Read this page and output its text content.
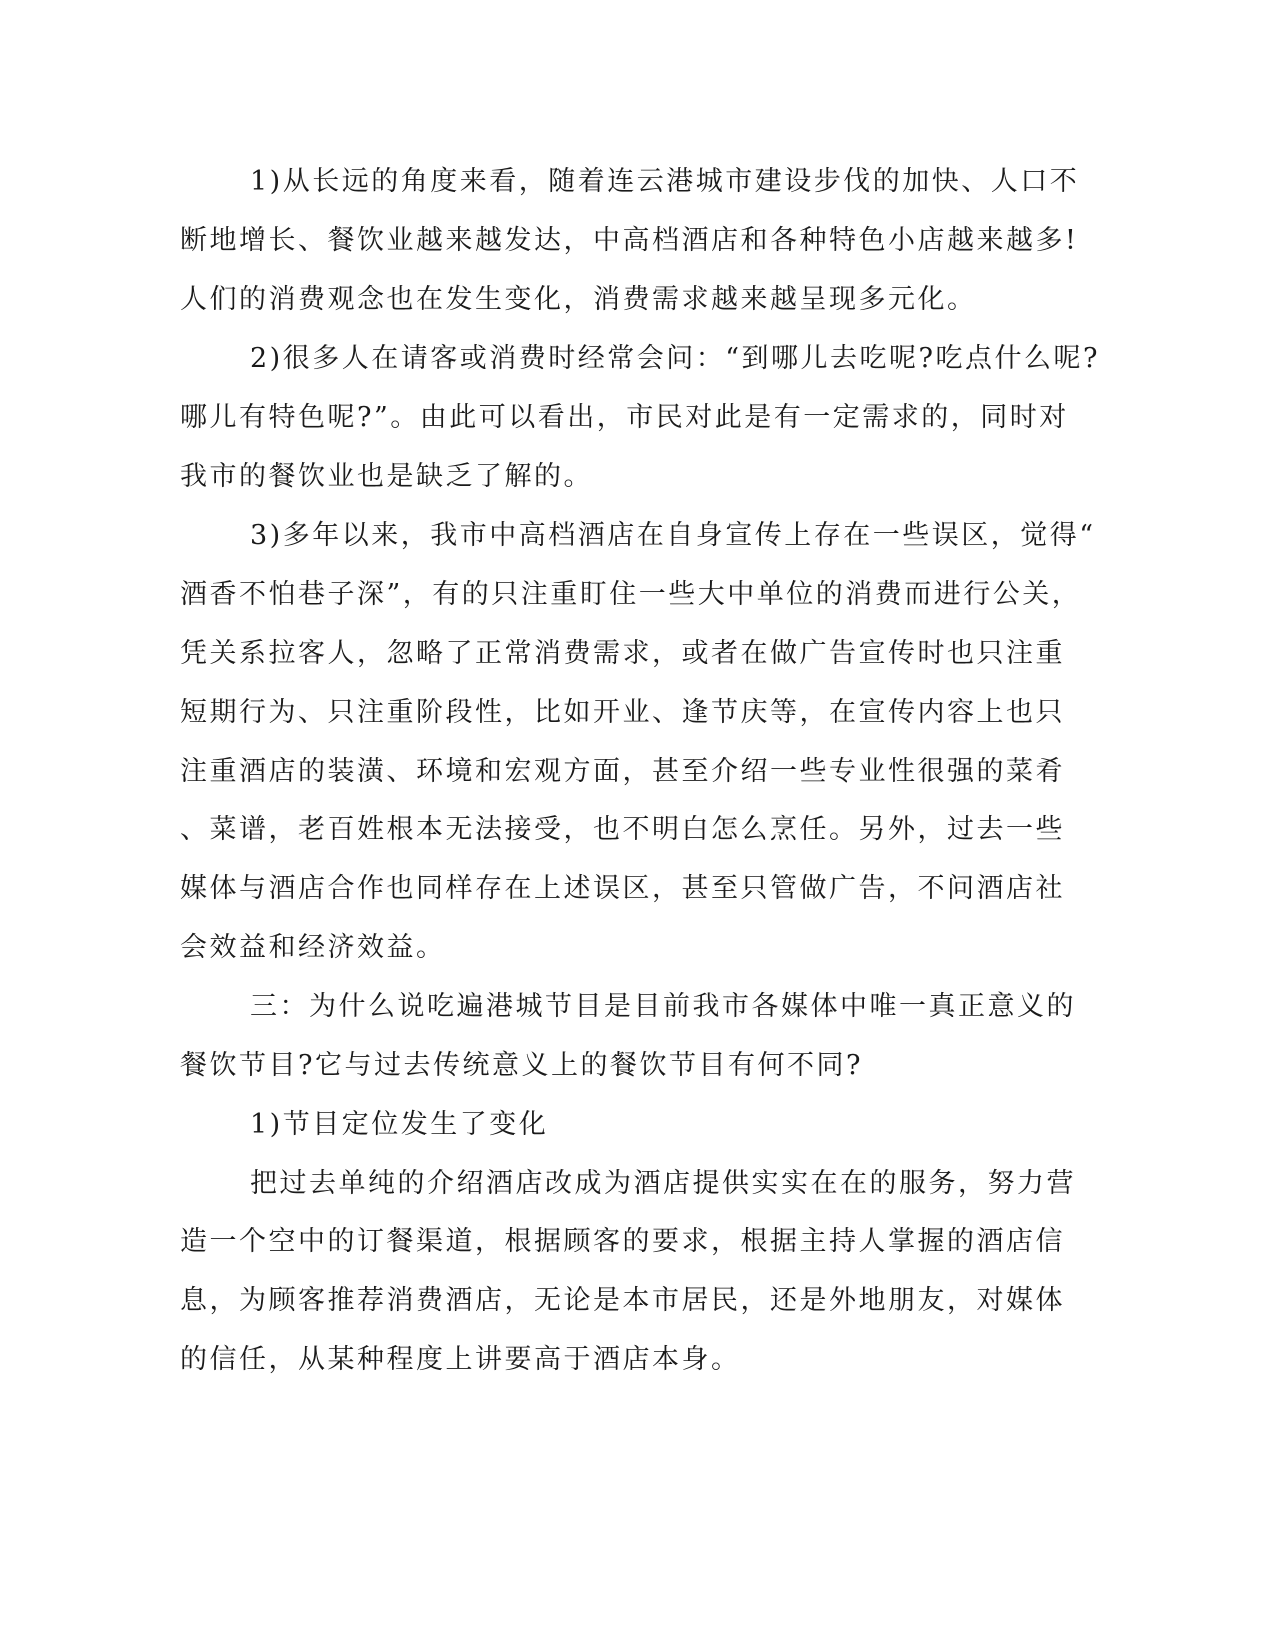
1)从长远的角度来看，随着连云港城市建设步伐的加快、人口不
断地增长、餐饮业越来越发达，中高档酒店和各种特色小店越来越多!
人们的消费观念也在发生变化，消费需求越来越呈现多元化。
2)很多人在请客或消费时经常会问：“到哪儿去吃呢?吃点什么呢?
哪儿有特色呢?”。由此可以看出，市民对此是有一定需求的，同时对
我市的餐饮业也是缺乏了解的。
3)多年以来，我市中高档酒店在自身宣传上存在一些误区，觉得“
酒香不怕巷子深”，有的只注重盯住一些大中单位的消费而进行公关，
凭关系拉客人，忽略了正常消费需求，或者在做广告宣传时也只注重
短期行为、只注重阶段性，比如开业、逢节庆等，在宣传内容上也只
注重酒店的装潢、环境和宏观方面，甚至介绍一些专业性很强的菜肴
、菜谱，老百姓根本无法接受，也不明白怎么烹任。另外，过去一些
媒体与酒店合作也同样存在上述误区，甚至只管做广告，不问酒店社
会效益和经济效益。
三：为什么说吃遍港城节目是目前我市各媒体中唯一真正意义的
餐饮节目?它与过去传统意义上的餐饮节目有何不同?
1)节目定位发生了变化
把过去单纯的介绍酒店改成为酒店提供实实在在的服务，努力营
造一个空中的订餐渠道，根据顾客的要求，根据主持人掌握的酒店信
息，为顾客推荐消费酒店，无论是本市居民，还是外地朋友，对媒体
的信任，从某种程度上讲要高于酒店本身。
